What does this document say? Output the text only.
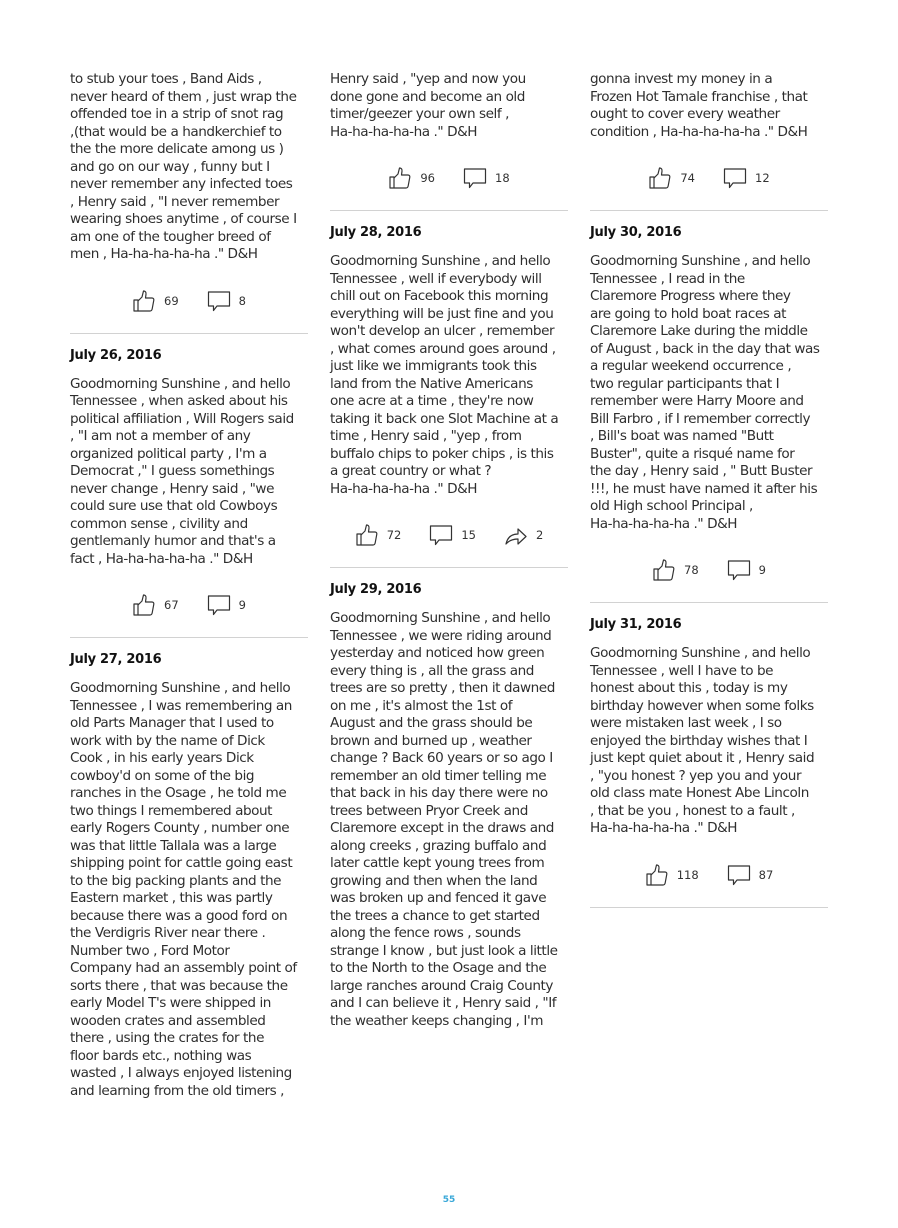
to stub your toes , Band Aids ,
never heard of them , just wrap the
offended toe in a strip of snot rag
,(that would be a handkerchief to
the the more delicate among us )
and go on our way , funny but I
never remember any infected toes
, Henry said , "I never remember
wearing shoes anytime , of course I
am one of the tougher breed of
men , Ha-ha-ha-ha-ha ." D&H

69	8

July 26, 2016

Goodmorning Sunshine , and hello
Tennessee , when asked about his
political affiliation , Will Rogers said
, "I am not a member of any
organized political party , I'm a
Democrat ," I guess somethings
never change , Henry said , "we
could sure use that old Cowboys
common sense , civility and
gentlemanly humor and that's a
fact , Ha-ha-ha-ha-ha ." D&H

67	9

July 27, 2016

Goodmorning Sunshine , and hello
Tennessee , I was remembering an
old Parts Manager that I used to
work with by the name of Dick
Cook , in his early years Dick
cowboy'd on some of the big
ranches in the Osage , he told me
two things I remembered about
early Rogers County , number one
was that little Tallala was a large
shipping point for cattle going east
to the big packing plants and the
Eastern market , this was partly
because there was a good ford on
the Verdigris River near there .
Number two , Ford Motor
Company had an assembly point of
sorts there , that was because the
early Model T's were shipped in
wooden crates and assembled
there , using the crates for the
floor bards etc., nothing was
wasted , I always enjoyed listening
and learning from the old timers ,

Henry said , "yep and now you
done gone and become an old
timer/geezer your own self ,
Ha-ha-ha-ha-ha ." D&H

96	18

July 28, 2016

Goodmorning Sunshine , and hello
Tennessee , well if everybody will
chill out on Facebook this morning
everything will be just fine and you
won't develop an ulcer , remember
, what comes around goes around ,
just like we immigrants took this
land from the Native Americans
one acre at a time , they're now
taking it back one Slot Machine at a
time , Henry said , "yep , from
buffalo chips to poker chips , is this
a great country or what ?
Ha-ha-ha-ha-ha ." D&H

72	15	2

July 29, 2016

Goodmorning Sunshine , and hello
Tennessee , we were riding around
yesterday and noticed how green
every thing is , all the grass and
trees are so pretty , then it dawned
on me , it's almost the 1st of
August and the grass should be
brown and burned up , weather
change ? Back 60 years or so ago I
remember an old timer telling me
that back in his day there were no
trees between Pryor Creek and
Claremore except in the draws and
along creeks , grazing buffalo and
later cattle kept young trees from
growing and then when the land
was broken up and fenced it gave
the trees a chance to get started
along the fence rows , sounds
strange I know , but just look a little
to the North to the Osage and the
large ranches around Craig County
and I can believe it , Henry said , "If
the weather keeps changing , I'm

gonna invest my money in a
Frozen Hot Tamale franchise , that
ought to cover every weather
condition , Ha-ha-ha-ha-ha ." D&H

74	12

July 30, 2016

Goodmorning Sunshine , and hello
Tennessee , I read in the
Claremore Progress where they
are going to hold boat races at
Claremore Lake during the middle
of August , back in the day that was
a regular weekend occurrence ,
two regular participants that I
remember were Harry Moore and
Bill Farbro , if I remember correctly
, Bill's boat was named "Butt
Buster", quite a risqué name for
the day , Henry said , " Butt Buster
!!!, he must have named it after his
old High school Principal ,
Ha-ha-ha-ha-ha ." D&H

78	9

July 31, 2016

Goodmorning Sunshine , and hello
Tennessee , well I have to be
honest about this , today is my
birthday however when some folks
were mistaken last week , I so
enjoyed the birthday wishes that I
just kept quiet about it , Henry said
, "you honest ? yep you and your
old class mate Honest Abe Lincoln
, that be you , honest to a fault ,
Ha-ha-ha-ha-ha ." D&H

118	87
55
